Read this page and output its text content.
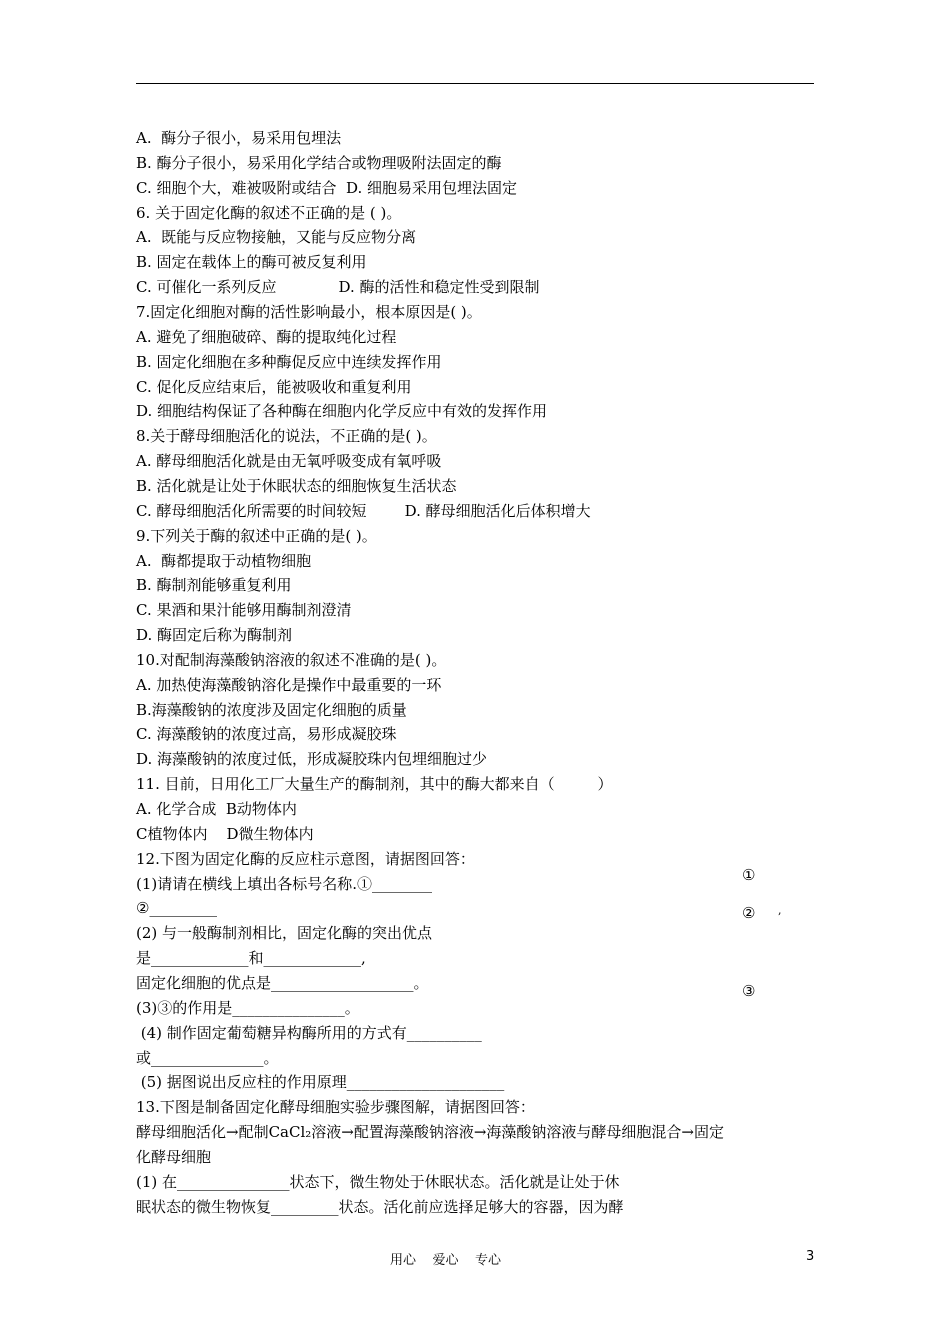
A.  酶分子很小，易采用包埋法
B. 酶分子很小，易采用化学结合或物理吸附法固定的酶
C. 细胞个大，难被吸附或结合  D. 细胞易采用包埋法固定
6. 关于固定化酶的叙述不正确的是 ( )。
A.  既能与反应物接触，又能与反应物分离
B. 固定在载体上的酶可被反复利用
C. 可催化一系列反应             D. 酶的活性和稳定性受到限制
7.固定化细胞对酶的活性影响最小，根本原因是( )。
A. 避免了细胞破碎、酶的提取纯化过程
B. 固定化细胞在多种酶促反应中连续发挥作用
C. 促化反应结束后，能被吸收和重复利用
D. 细胞结构保证了各种酶在细胞内化学反应中有效的发挥作用
8.关于酵母细胞活化的说法，不正确的是( )。
A. 酵母细胞活化就是由无氧呼吸变成有氧呼吸
B. 活化就是让处于休眠状态的细胞恢复生活状态
C. 酵母细胞活化所需要的时间较短        D. 酵母细胞活化后体积增大
9.下列关于酶的叙述中正确的是( )。
A.  酶都提取于动植物细胞
B. 酶制剂能够重复利用
C. 果酒和果汁能够用酶制剂澄清
D. 酶固定后称为酶制剂
10.对配制海藻酸钠溶液的叙述不准确的是( )。
A. 加热使海藻酸钠溶化是操作中最重要的一环
B.海藻酸钠的浓度涉及固定化细胞的质量
C. 海藻酸钠的浓度过高，易形成凝胶珠
D. 海藻酸钠的浓度过低，形成凝胶珠内包埋细胞过少
11. 目前，日用化工厂大量生产的酶制剂，其中的酶大都来自（         ）
A. 化学合成  B动物体内
C植物体内    D微生物体内
12.下图为固定化酶的反应柱示意图，请据图回答：
(1)请请在横线上填出各标号名称.①________
②_________
(2) 与一般酶制剂相比，固定化酶的突出优点
是_____________和_____________,
固定化细胞的优点是___________________。
(3)③的作用是_______________。
(4) 制作固定葡萄糖异构酶所用的方式有__________
或_______________。
(5) 据图说出反应柱的作用原理_____________________
13.下图是制备固定化酵母细胞实验步骤图解，请据图回答：
酵母细胞活化→配制CaCl₂溶液→配置海藻酸钠溶液→海藻酸钠溶液与酵母细胞混合→固定
化酵母细胞
(1) 在_______________状态下，微生物处于休眠状态。活化就是让处于休
眠状态的微生物恢复_________状态。活化前应选择足够大的容器，因为酵
①
② ,
③
用心    爱心    专心	3
